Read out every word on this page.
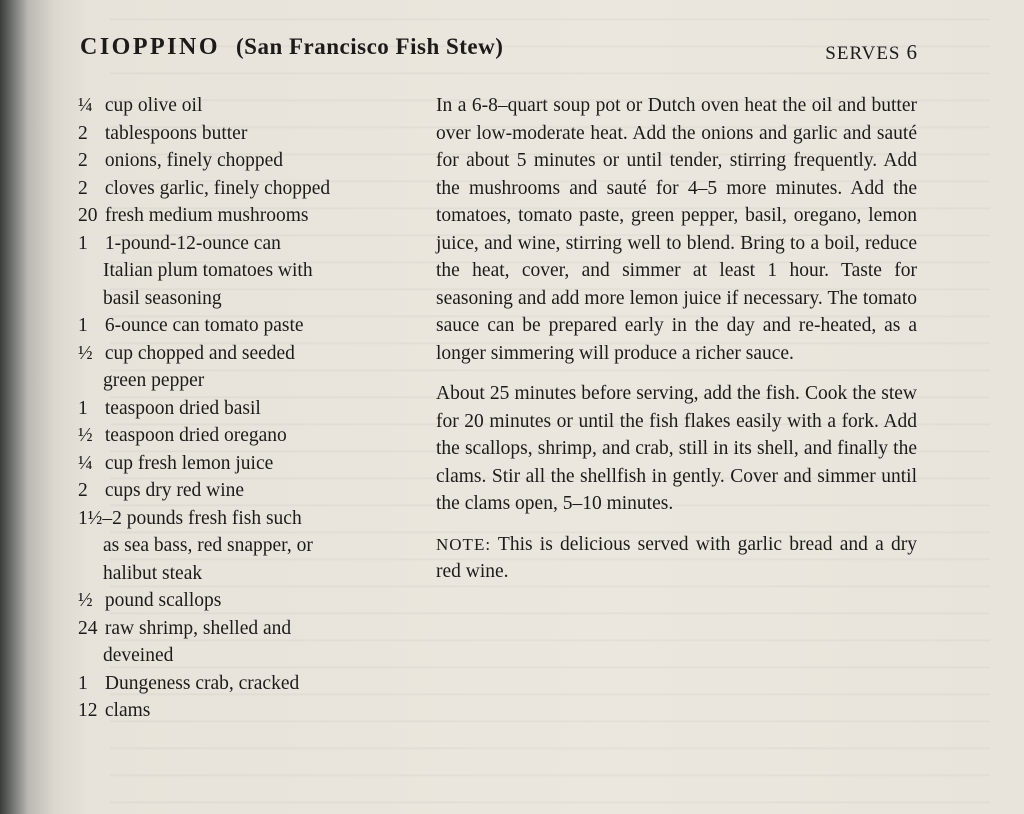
CIOPPINO (San Francisco Fish Stew)	SERVES 6
¼ cup olive oil
2 tablespoons butter
2 onions, finely chopped
2 cloves garlic, finely chopped
20 fresh medium mushrooms
1 1-pound-12-ounce can
Italian plum tomatoes with
basil seasoning
1 6-ounce can tomato paste
½ cup chopped and seeded
green pepper
1 teaspoon dried basil
½ teaspoon dried oregano
¼ cup fresh lemon juice
2 cups dry red wine
1½–2 pounds fresh fish such
as sea bass, red snapper, or
halibut steak
½ pound scallops
24 raw shrimp, shelled and
deveined
1 Dungeness crab, cracked
12 clams

In a 6-8–quart soup pot or Dutch oven heat the oil and butter over low-moderate heat. Add the onions and garlic and sauté for about 5 minutes or until tender, stirring frequently. Add the mushrooms and sauté for 4–5 more minutes. Add the tomatoes, tomato paste, green pepper, basil, oregano, lemon juice, and wine, stirring well to blend. Bring to a boil, reduce the heat, cover, and simmer at least 1 hour. Taste for seasoning and add more lemon juice if necessary. The tomato sauce can be prepared early in the day and re-heated, as a longer simmering will produce a richer sauce.

About 25 minutes before serving, add the fish. Cook the stew for 20 minutes or until the fish flakes easily with a fork. Add the scallops, shrimp, and crab, still in its shell, and finally the clams. Stir all the shellfish in gently. Cover and simmer until the clams open, 5–10 minutes.

NOTE: This is delicious served with garlic bread and a dry red wine.
